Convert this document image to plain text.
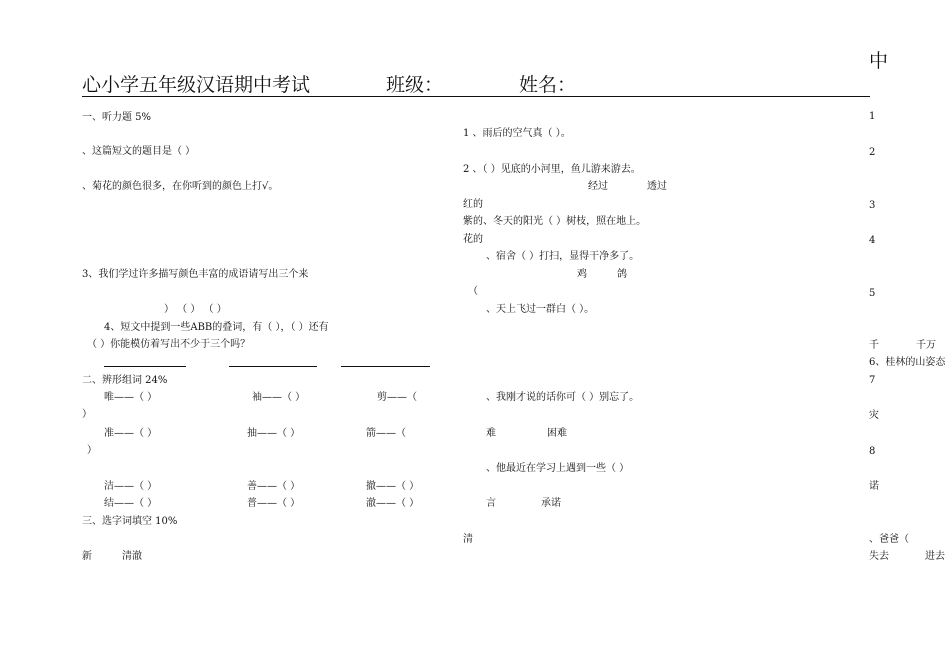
中
心小学五年级汉语期中考试	班级：	姓名：
一、听力题 5%
、这篇短文的题目是（ ）
、菊花的颜色很多，在你听到的颜色上打√。
3、我们学过许多描写颜色丰富的成语请写出三个来
） （ ） （ ）
4、短文中提到一些ABB的叠词，有（ ），（ ）还有
（ ）你能模仿着写出不少于三个吗？
二、辨形组词 24%
唯——（ ）	袖——（ ）	剪——（
）
准——（ ）	抽——（ ）	箭——（
）
洁——（ ）	善——（ ）	撤——（ ）
结——（ ）	普——（ ）	澈——（ ）
三、选字词填空 10%
新	清澈
1 、雨后的空气真（ ）。
2 、（ ）见底的小河里，鱼儿游来游去。
经过	透过
红的
紫的、冬天的阳光（ ）树枝，照在地上。
花的
、宿舍（ ）打扫，显得干净多了。
鸡	鸽
（
、天上飞过一群白（ ）。
、我刚才说的话你可（ ）别忘了。
难	困难
、他最近在学习上遇到一些（ ）
言	承诺
清
1
2
3
4
5
千	千万
6、桂林的山姿态
7
灾
8
诺
、爸爸（
失去	进去
